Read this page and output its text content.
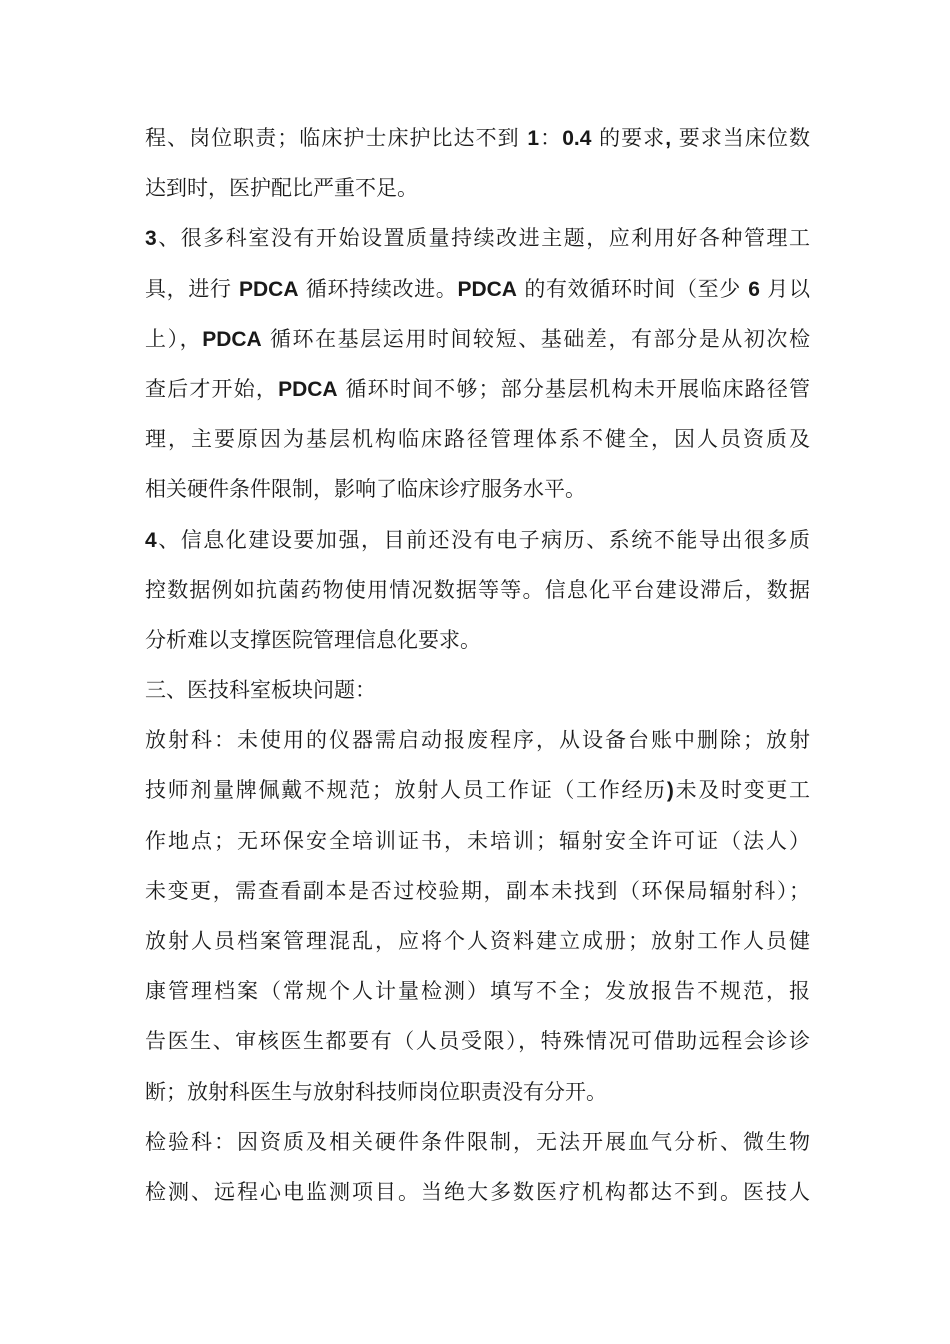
程、岗位职责；临床护士床护比达不到 1：0.4 的要求, 要求当床位数
达到时，医护配比严重不足。
3、很多科室没有开始设置质量持续改进主题，应利用好各种管理工
具，进行 PDCA 循环持续改进。PDCA 的有效循环时间（至少 6 月以
上），PDCA 循环在基层运用时间较短、基础差，有部分是从初次检
查后才开始，PDCA 循环时间不够；部分基层机构未开展临床路径管
理，主要原因为基层机构临床路径管理体系不健全，因人员资质及
相关硬件条件限制，影响了临床诊疗服务水平。
4、信息化建设要加强，目前还没有电子病历、系统不能导出很多质
控数据例如抗菌药物使用情况数据等等。信息化平台建设滞后，数据
分析难以支撑医院管理信息化要求。
三、医技科室板块问题：
放射科：未使用的仪器需启动报废程序，从设备台账中删除；放射
技师剂量牌佩戴不规范；放射人员工作证（工作经历)未及时变更工
作地点；无环保安全培训证书，未培训；辐射安全许可证（法人）
未变更，需查看副本是否过校验期，副本未找到（环保局辐射科）；
放射人员档案管理混乱，应将个人资料建立成册；放射工作人员健
康管理档案（常规个人计量检测）填写不全；发放报告不规范，报
告医生、审核医生都要有（人员受限），特殊情况可借助远程会诊诊
断；放射科医生与放射科技师岗位职责没有分开。
检验科：因资质及相关硬件条件限制，无法开展血气分析、微生物
检测、远程心电监测项目。当绝大多数医疗机构都达不到。医技人
